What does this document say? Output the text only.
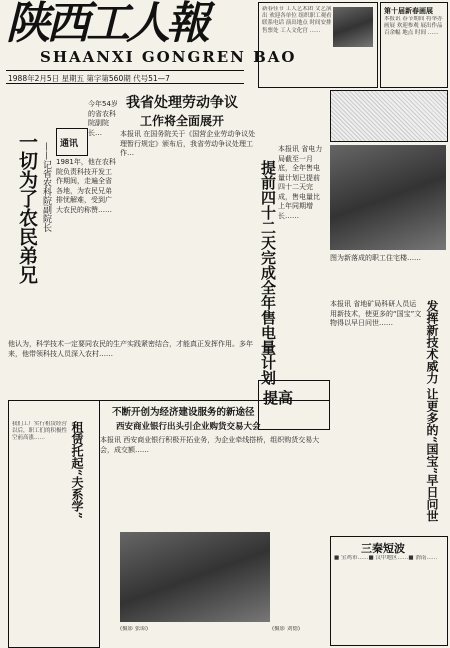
陕西工人報
SHAANXI GONGREN BAO
1988年2月5日 星期五 第字第560期 代号51—7
新春佳节 工人艺术团 文艺演出 欢迎各单位 组织职工观看 联系电话 演出地点 时间安排 售票处 工人文化宫 ……
第十届新春画展
本报讯 春节期间 将举办画展 欢迎参观 展出作品 百余幅 地点 时间 ……
我省处理劳动争议
工作将全面展开
本报讯 在国务院关于《国营企业劳动争议处理暂行规定》颁布后，我省劳动争议处理工作…
一切为了农民弟兄 ——记省农科院副院长 通讯
1981年，他在农科院负责科技开发工作期间，走遍全省各地，为农民兄弟排忧解难，受到广大农民的称赞……
今年54岁的省农科院副院长…
提前四十二天完成全年售电量计划
本报讯 省电力局截至一月底，全年售电量计划已提前四十二天完成，售电量比上年同期增长……
图为新落成的职工住宅楼……
他认为，科学技术一定要同农民的生产实践紧密结合，才能真正发挥作用。多年来，他带领科技人员深入农村……
不断开创为经济建设服务的新途径
西安商业银行出头引企业购货交易大会
本报讯 西安商业银行积极开拓业务，为企业牵线搭桥，组织购货交易大会，成交额……
提高	发挥新技术威力 让更多的“国宝”早日问世
本报讯 省地矿局科研人员运用新技术，使更多的“国宝”文物得以早日问世……
租赁托起“夫系学”
我们工厂实行租赁经营以后，职工们的积极性空前高涨……
(摄影 张昭)
三秦短波
■ 宝鸡市……■ 汉中地区……■ 渭南……
(摄影 刘德)
